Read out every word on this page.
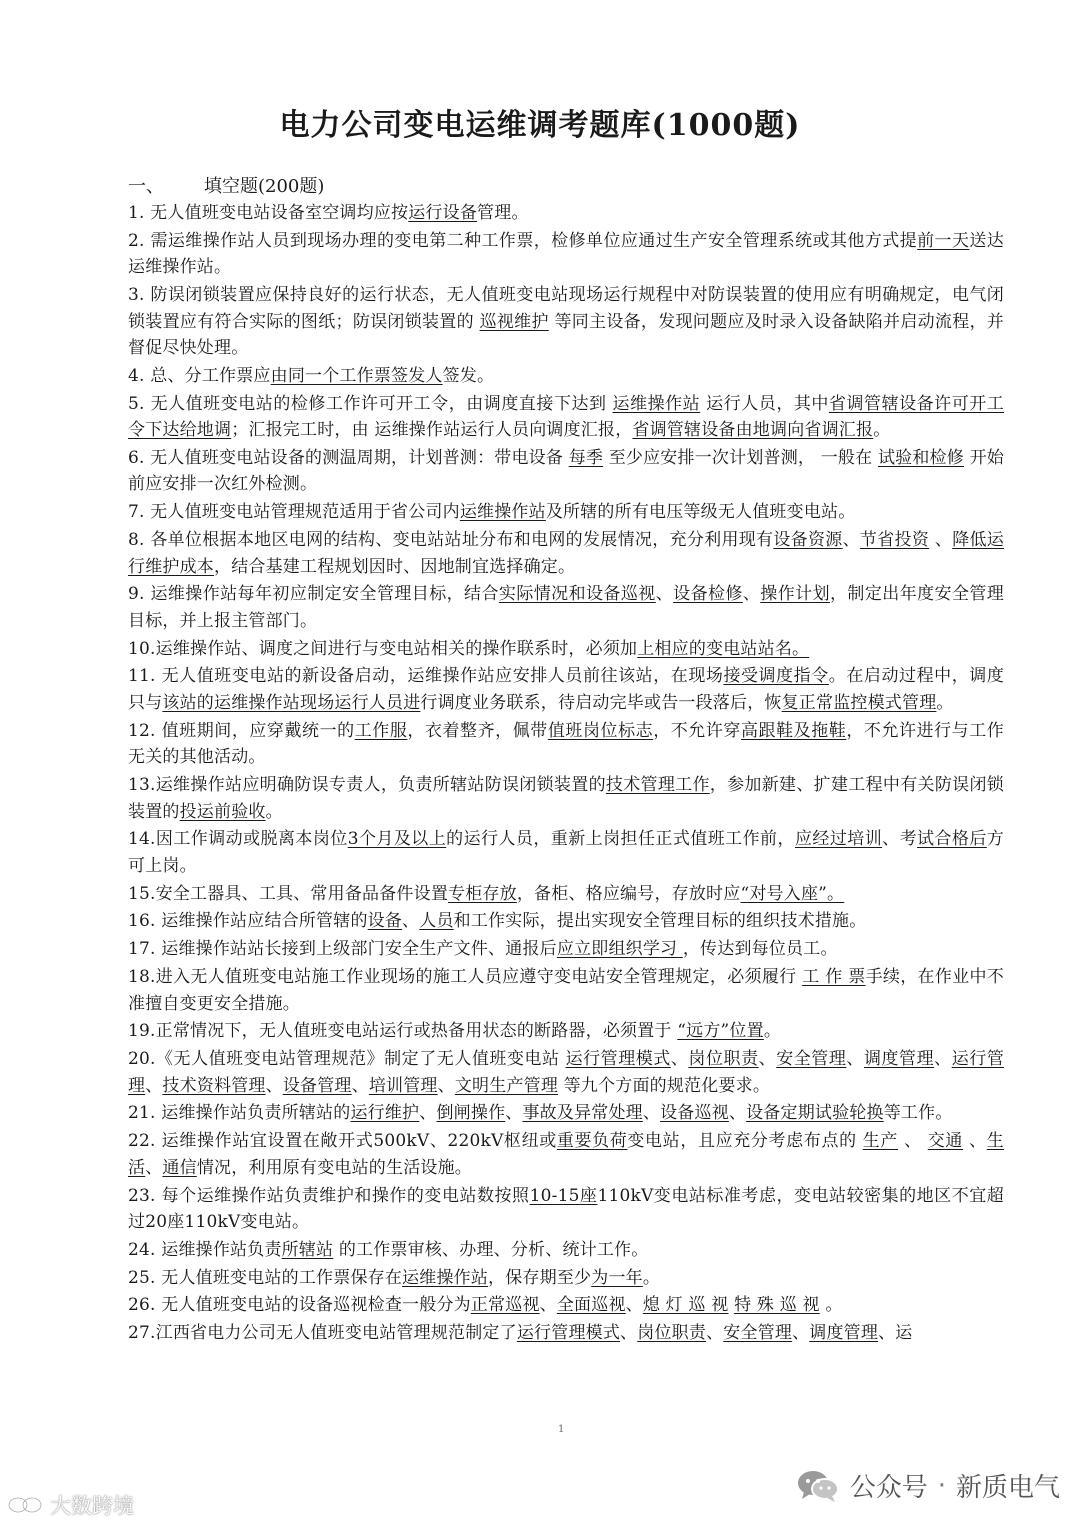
电力公司变电运维调考题库(1000题)

一、 填空题(200题)

1. 无人值班变电站设备室空调均应按运行设备管理。

2. 需运维操作站人员到现场办理的变电第二种工作票，检修单位应通过生产安全管理系统或其他方式提前一天送达运维操作站。

3. 防误闭锁装置应保持良好的运行状态，无人值班变电站现场运行规程中对防误装置的使用应有明确规定，电气闭锁装置应有符合实际的图纸；防误闭锁装置的 巡视维护 等同主设备，发现问题应及时录入设备缺陷并启动流程，并督促尽快处理。

4. 总、分工作票应由同一个工作票签发人签发。

5. 无人值班变电站的检修工作许可开工令，由调度直接下达到 运维操作站 运行人员，其中省调管辖设备许可开工令下达给地调；汇报完工时，由 运维操作站运行人员向调度汇报，省调管辖设备由地调向省调汇报。

6. 无人值班变电站设备的测温周期，计划普测：带电设备 每季 至少应安排一次计划普测， 一般在 试验和检修 开始前应安排一次红外检测。

7. 无人值班变电站管理规范适用于省公司内运维操作站及所辖的所有电压等级无人值班变电站。

8. 各单位根据本地区电网的结构、变电站站址分布和电网的发展情况，充分利用现有设备资源、节省投资 、降低运行维护成本，结合基建工程规划因时、因地制宜选择确定。

9. 运维操作站每年初应制定安全管理目标，结合实际情况和设备巡视、设备检修、操作计划，制定出年度安全管理目标，并上报主管部门。

10.运维操作站、调度之间进行与变电站相关的操作联系时，必须加上相应的变电站站名。

11. 无人值班变电站的新设备启动，运维操作站应安排人员前往该站，在现场接受调度指令。在启动过程中，调度只与该站的运维操作站现场运行人员进行调度业务联系，待启动完毕或告一段落后，恢复正常监控模式管理。

12. 值班期间，应穿戴统一的工作服，衣着整齐，佩带值班岗位标志，不允许穿高跟鞋及拖鞋，不允许进行与工作无关的其他活动。

13.运维操作站应明确防误专责人，负责所辖站防误闭锁装置的技术管理工作，参加新建、扩建工程中有关防误闭锁装置的投运前验收。

14.因工作调动或脱离本岗位3个月及以上的运行人员，重新上岗担任正式值班工作前，应经过培训、考试合格后方可上岗。

15.安全工器具、工具、常用备品备件设置专柜存放，备柜、格应编号，存放时应“对号入座”。

16. 运维操作站应结合所管辖的设备、人员和工作实际，提出实现安全管理目标的组织技术措施。

17. 运维操作站站长接到上级部门安全生产文件、通报后应立即组织学习 ，传达到每位员工。

18.进入无人值班变电站施工作业现场的施工人员应遵守变电站安全管理规定，必须履行 工 作 票手续，在作业中不准擅自变更安全措施。

19.正常情况下，无人值班变电站运行或热备用状态的断路器，必须置于 “远方”位置。

20.《无人值班变电站管理规范》制定了无人值班变电站 运行管理模式、岗位职责、安全管理、调度管理、运行管理、技术资料管理、设备管理、培训管理、文明生产管理 等九个方面的规范化要求。

21. 运维操作站负责所辖站的运行维护、倒闸操作、事故及异常处理、设备巡视、设备定期试验轮换等工作。

22. 运维操作站宜设置在敞开式500kV、220kV枢纽或重要负荷变电站，且应充分考虑布点的 生产 、 交通 、生活、通信情况，利用原有变电站的生活设施。

23. 每个运维操作站负责维护和操作的变电站数按照10-15座110kV变电站标准考虑，变电站较密集的地区不宜超过20座110kV变电站。

24. 运维操作站负责所辖站 的工作票审核、办理、分析、统计工作。

25. 无人值班变电站的工作票保存在运维操作站，保存期至少为一年。

26. 无人值班变电站的设备巡视检查一般分为正常巡视、全面巡视、熄 灯 巡 视 特 殊 巡 视 。

27.江西省电力公司无人值班变电站管理规范制定了运行管理模式、岗位职责、安全管理、调度管理、运

1
大数跨境
公众号 · 新质电气
